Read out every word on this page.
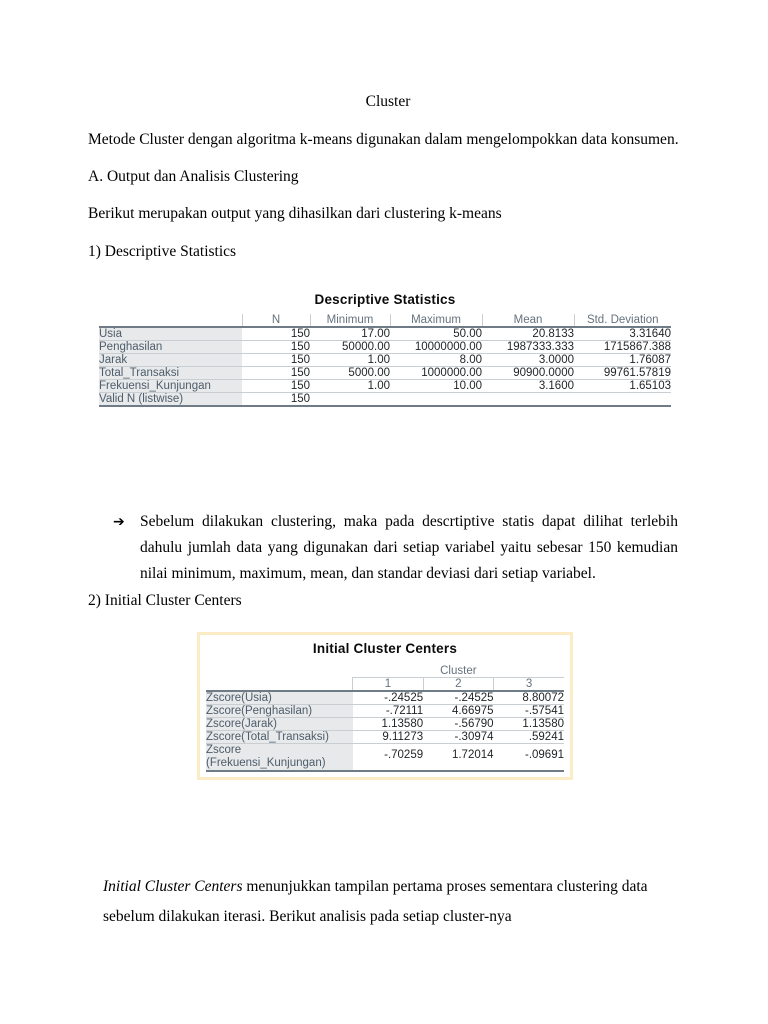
Cluster
Metode Cluster dengan algoritma k-means digunakan dalam mengelompokkan data konsumen.
A. Output dan Analisis Clustering
Berikut merupakan output yang dihasilkan dari clustering k-means
1) Descriptive Statistics
Descriptive Statistics
	N	Minimum	Maximum	Mean	Std. Deviation
Usia	150	17.00	50.00	20.8133	3.31640
Penghasilan	150	50000.00	10000000.00	1987333.333	1715867.388
Jarak	150	1.00	8.00	3.0000	1.76087
Total_Transaksi	150	5000.00	1000000.00	90900.0000	99761.57819
Frekuensi_Kunjungan	150	1.00	10.00	3.1600	1.65103
Valid N (listwise)	150				
➔ Sebelum dilakukan clustering, maka pada descrtiptive statis dapat dilihat terlebih dahulu jumlah data yang digunakan dari setiap variabel yaitu sebesar 150 kemudian nilai minimum, maximum, mean, dan standar deviasi dari setiap variabel.
2) Initial Cluster Centers
Initial Cluster Centers
	Cluster		
	1	2	3
Zscore(Usia)	-.24525	-.24525	8.80072
Zscore(Penghasilan)	-.72111	4.66975	-.57541
Zscore(Jarak)	1.13580	-.56790	1.13580
Zscore(Total_Transaksi)	9.11273	-.30974	.59241
Zscore
(Frekuensi_Kunjungan)	-.70259	1.72014	-.09691
Initial Cluster Centers menunjukkan tampilan pertama proses sementara clustering data
sebelum dilakukan iterasi. Berikut analisis pada setiap cluster-nya
